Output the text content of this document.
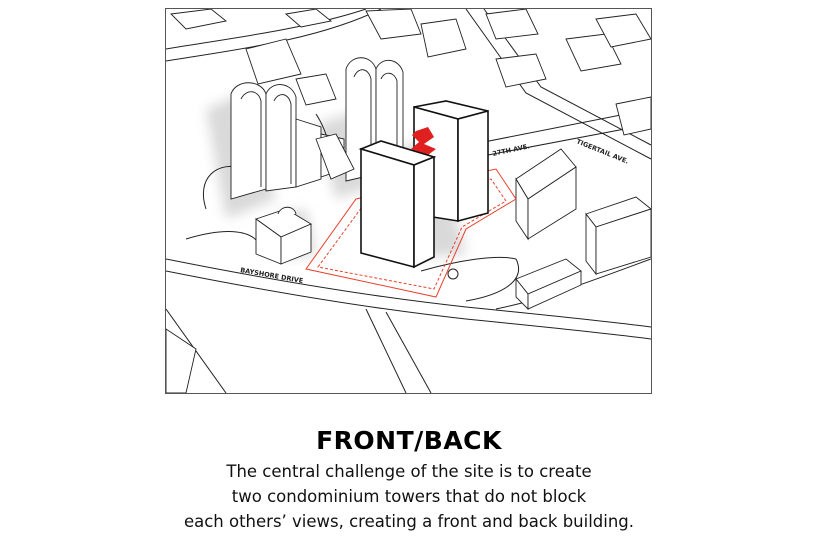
27TH AVE.	TIGERTAIL AVE.
BAYSHORE DRIVE
FRONT/BACK
The central challenge of the site is to create
two condominium towers that do not block
each others’ views, creating a front and back building.
